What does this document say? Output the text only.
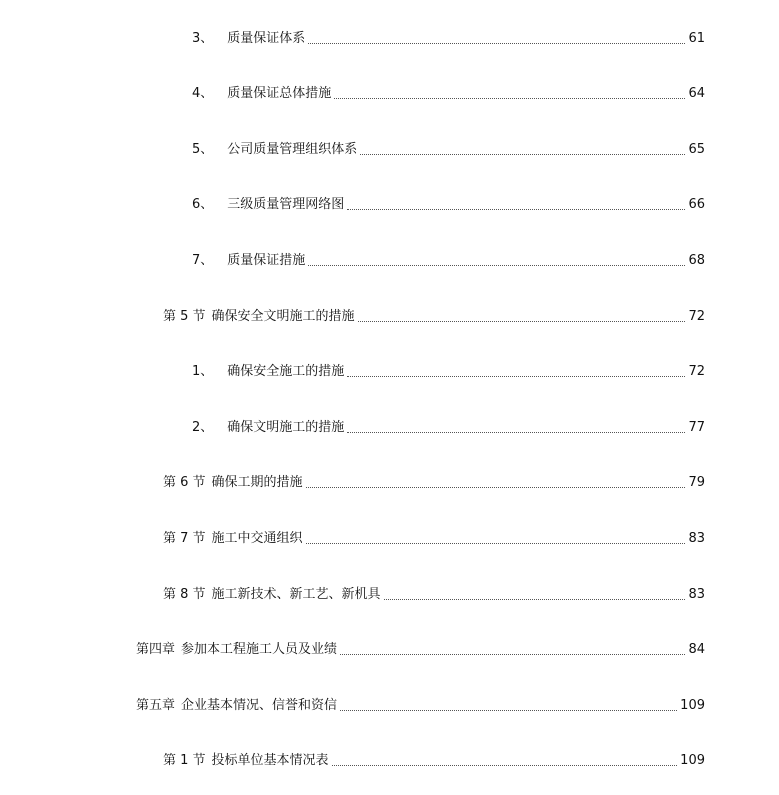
3、	质量保证体系	61
4、	质量保证总体措施	64
5、	公司质量管理组织体系	65
6、	三级质量管理网络图	66
7、	质量保证措施	68
第 5 节 确保安全文明施工的措施	72
1、	确保安全施工的措施	72
2、	确保文明施工的措施	77
第 6 节 确保工期的措施	79
第 7 节 施工中交通组织	83
第 8 节 施工新技术、新工艺、新机具	83
第四章 参加本工程施工人员及业绩	84
第五章 企业基本情况、信誉和资信	109
第 1 节 投标单位基本情况表	109
